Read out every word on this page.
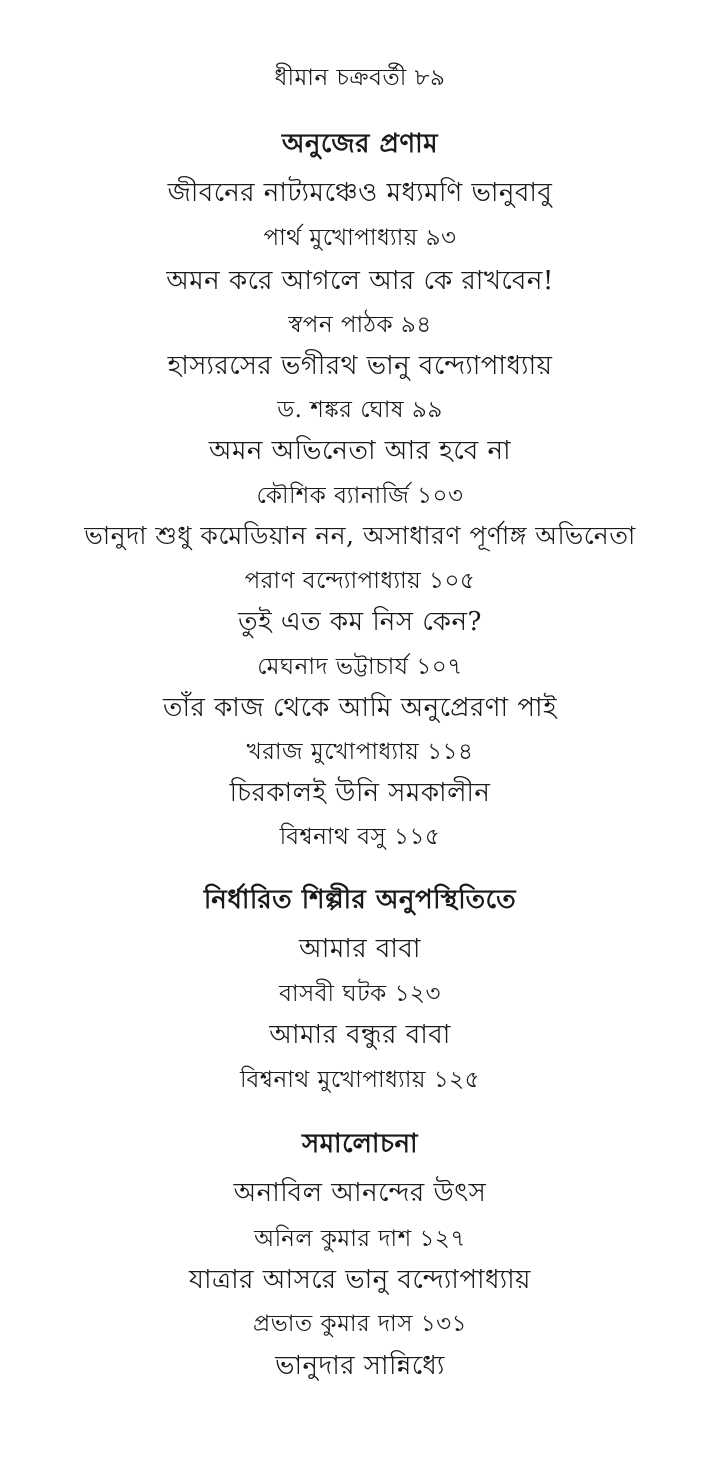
ধীমান চক্রবর্তী ৮৯
অনুজের প্রণাম
জীবনের নাট্যমঞ্চেও মধ্যমণি ভানুবাবু
পার্থ মুখোপাধ্যায় ৯৩
অমন করে আগলে আর কে রাখবেন!
স্বপন পাঠক ৯৪
হাস্যরসের ভগীরথ ভানু বন্দ্যোপাধ্যায়
ড. শঙ্কর ঘোষ ৯৯
অমন অভিনেতা আর হবে না
কৌশিক ব্যানার্জি ১০৩
ভানুদা শুধু কমেডিয়ান নন, অসাধারণ পূর্ণাঙ্গ অভিনেতা
পরাণ বন্দ্যোপাধ্যায় ১০৫
তুই এত কম নিস কেন?
মেঘনাদ ভট্টাচার্য ১০৭
তাঁর কাজ থেকে আমি অনুপ্রেরণা পাই
খরাজ মুখোপাধ্যায় ১১৪
চিরকালই উনি সমকালীন
বিশ্বনাথ বসু ১১৫
নির্ধারিত শিল্পীর অনুপস্থিতিতে
আমার বাবা
বাসবী ঘটক ১২৩
আমার বন্ধুর বাবা
বিশ্বনাথ মুখোপাধ্যায় ১২৫
সমালোচনা
অনাবিল আনন্দের উৎস
অনিল কুমার দাশ ১২৭
যাত্রার আসরে ভানু বন্দ্যোপাধ্যায়
প্রভাত কুমার দাস ১৩১
ভানুদার সান্নিধ্যে
